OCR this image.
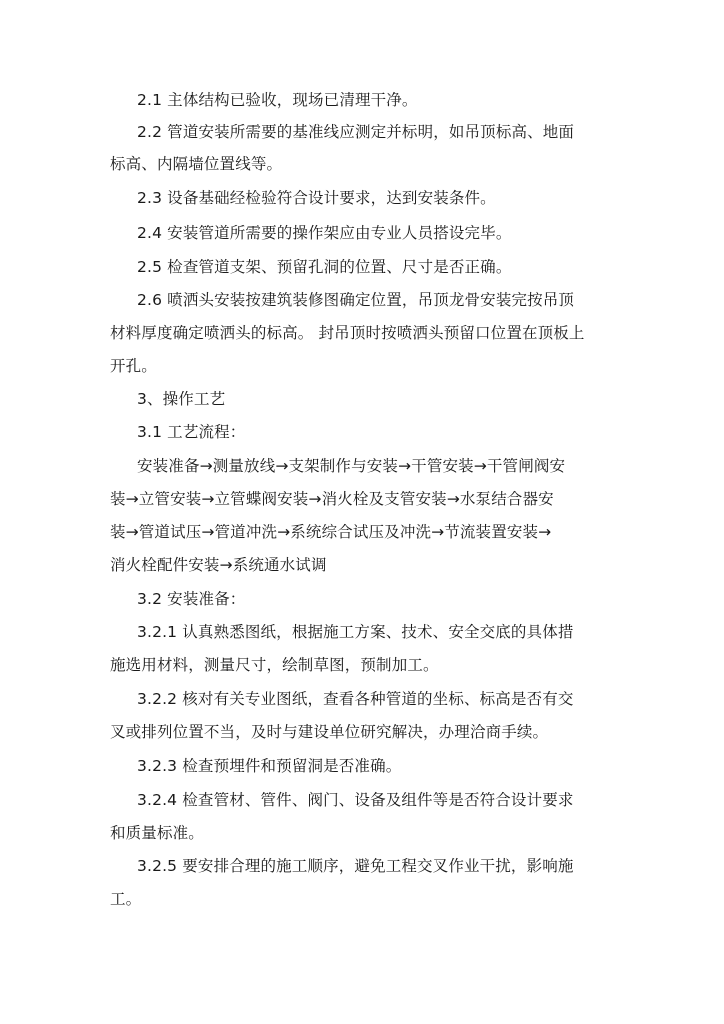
2.1 主体结构已验收，现场已清理干净。

2.2 管道安装所需要的基准线应测定并标明，如吊顶标高、地面

标高、内隔墙位置线等。

2.3 设备基础经检验符合设计要求，达到安装条件。

2.4 安装管道所需要的操作架应由专业人员搭设完毕。

2.5 检查管道支架、预留孔洞的位置、尺寸是否正确。

2.6 喷洒头安装按建筑装修图确定位置，吊顶龙骨安装完按吊顶

材料厚度确定喷洒头的标高。 封吊顶时按喷洒头预留口位置在顶板上

开孔。

3、操作工艺

3.1 工艺流程：

安装准备→测量放线→支架制作与安装→干管安装→干管闸阀安

装→立管安装→立管蝶阀安装→消火栓及支管安装→水泵结合器安

装→管道试压→管道冲洗→系统综合试压及冲洗→节流装置安装→

消火栓配件安装→系统通水试调

3.2 安装准备：

3.2.1 认真熟悉图纸，根据施工方案、技术、安全交底的具体措

施选用材料，测量尺寸，绘制草图，预制加工。

3.2.2 核对有关专业图纸，查看各种管道的坐标、标高是否有交

叉或排列位置不当，及时与建设单位研究解决，办理洽商手续。

3.2.3 检查预埋件和预留洞是否准确。

3.2.4 检查管材、管件、阀门、设备及组件等是否符合设计要求

和质量标准。

3.2.5 要安排合理的施工顺序，避免工程交叉作业干扰，影响施

工。
